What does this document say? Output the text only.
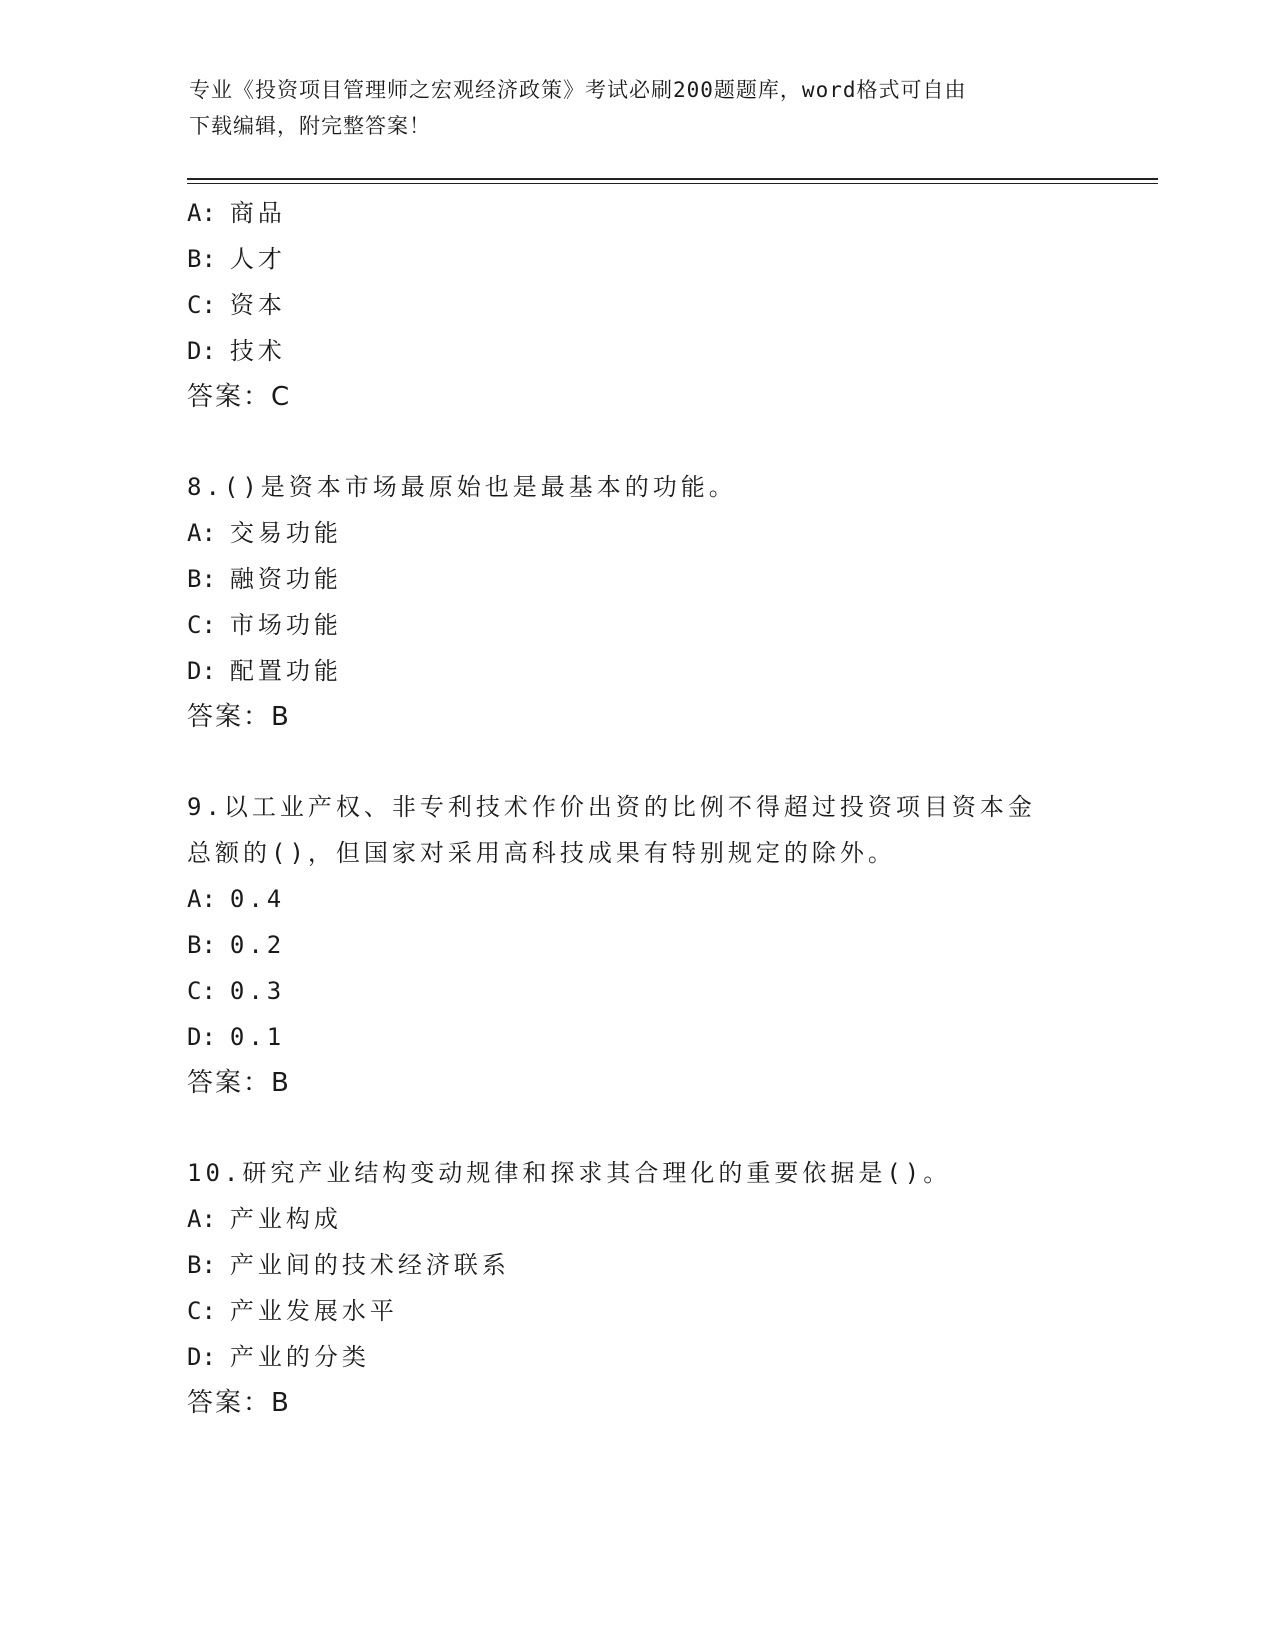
专业《投资项目管理师之宏观经济政策》考试必刷200题题库，word格式可自由
下载编辑，附完整答案！
A: 商品
B: 人才
C: 资本
D: 技术
答案：C
8.()是资本市场最原始也是最基本的功能。
A: 交易功能
B: 融资功能
C: 市场功能
D: 配置功能
答案：B
9.以工业产权、非专利技术作价出资的比例不得超过投资项目资本金
总额的()，但国家对采用高科技成果有特别规定的除外。
A: 0.4
B: 0.2
C: 0.3
D: 0.1
答案：B
10.研究产业结构变动规律和探求其合理化的重要依据是()。
A: 产业构成
B: 产业间的技术经济联系
C: 产业发展水平
D: 产业的分类
答案：B
